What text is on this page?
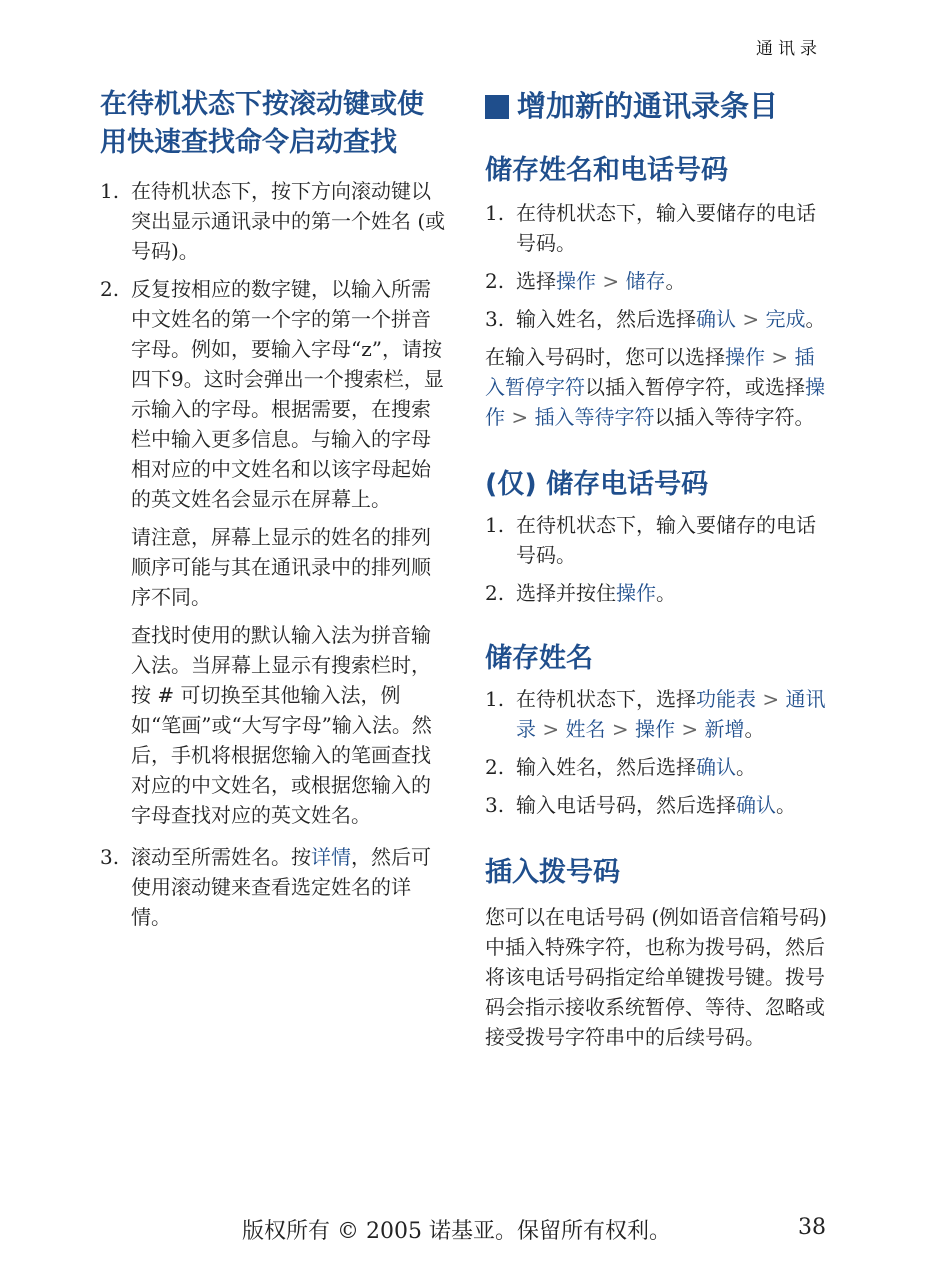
通讯录
在待机状态下按滚动键或使用快速查找命令启动查找
1. 在待机状态下，按下方向滚动键以突出显示通讯录中的第一个姓名 (或号码)。
2. 反复按相应的数字键，以输入所需中文姓名的第一个字的第一个拼音字母。例如，要输入字母“z”，请按四下9。这时会弹出一个搜索栏，显示输入的字母。根据需要，在搜索栏中输入更多信息。与输入的字母相对应的中文姓名和以该字母起始的英文姓名会显示在屏幕上。

请注意，屏幕上显示的姓名的排列顺序可能与其在通讯录中的排列顺序不同。

查找时使用的默认输入法为拼音输入法。当屏幕上显示有搜索栏时，按 # 可切换至其他输入法，例如“笔画”或“大写字母”输入法。然后，手机将根据您输入的笔画查找对应的中文姓名，或根据您输入的字母查找对应的英文姓名。

3. 滚动至所需姓名。按详情，然后可使用滚动键来查看选定姓名的详情。
增加新的通讯录条目
储存姓名和电话号码
1. 在待机状态下，输入要储存的电话号码。
2. 选择操作 > 储存。
3. 输入姓名，然后选择确认 > 完成。

在输入号码时，您可以选择操作 > 插入暂停字符以插入暂停字符，或选择操作 > 插入等待字符以插入等待字符。

(仅) 储存电话号码
1. 在待机状态下，输入要储存的电话号码。
2. 选择并按住操作。
储存姓名
1. 在待机状态下，选择功能表 > 通讯录 > 姓名 > 操作 > 新增。
2. 输入姓名，然后选择确认。
3. 输入电话号码，然后选择确认。
插入拨号码

您可以在电话号码 (例如语音信箱号码) 中插入特殊字符，也称为拨号码，然后将该电话号码指定给单键拨号键。拨号码会指示接收系统暂停、等待、忽略或接受拨号字符串中的后续号码。

版权所有 © 2005 诺基亚。保留所有权利。	38
